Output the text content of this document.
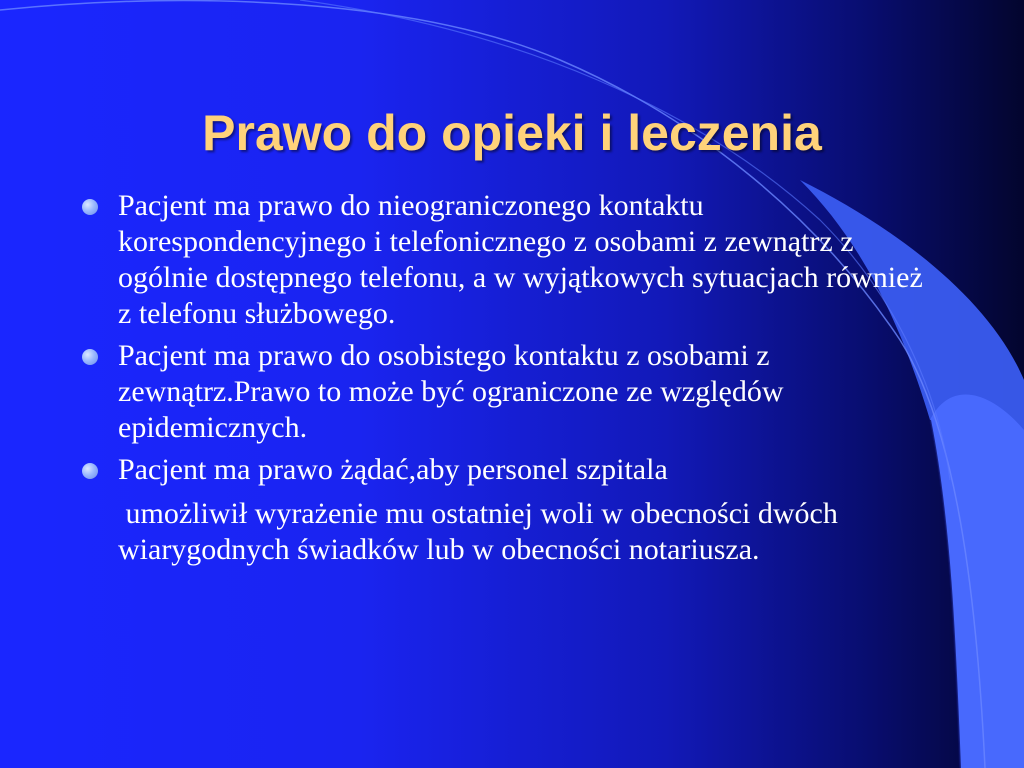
Prawo do opieki i leczenia
Pacjent ma prawo do nieograniczonego kontaktu korespondencyjnego i telefonicznego z osobami z zewnątrz z ogólnie dostępnego telefonu, a w wyjątkowych sytuacjach również z telefonu służbowego.
Pacjent ma prawo do osobistego kontaktu z osobami z zewnątrz.Prawo to może być ograniczone ze względów epidemicznych.
Pacjent ma prawo żądać,aby personel szpitala
umożliwił wyrażenie mu ostatniej woli w obecności dwóch wiarygodnych świadków lub w obecności notariusza.
